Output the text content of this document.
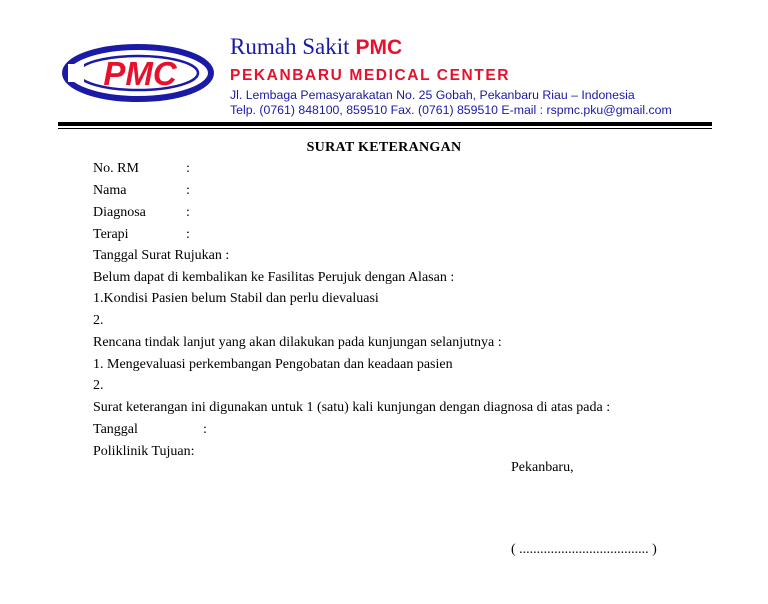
PMC
Rumah Sakit PMC
PEKANBARU MEDICAL CENTER
Jl. Lembaga Pemasyarakatan No. 25 Gobah, Pekanbaru Riau – Indonesia
Telp. (0761) 848100, 859510 Fax. (0761) 859510 E-mail : rspmc.pku@gmail.com
SURAT KETERANGAN
No. RM	:
Nama	:
Diagnosa	:
Terapi	:
Tanggal Surat Rujukan :
Belum dapat di kembalikan ke Fasilitas Perujuk dengan Alasan :
1.Kondisi Pasien belum Stabil dan perlu dievaluasi
2.
Rencana tindak lanjut yang akan dilakukan pada kunjungan selanjutnya :
1. Mengevaluasi perkembangan Pengobatan dan keadaan pasien
2.
Surat keterangan ini digunakan untuk 1 (satu) kali kunjungan dengan diagnosa di atas pada :
Tanggal	:
Poliklinik Tujuan:
Pekanbaru,
( ..................................... )
